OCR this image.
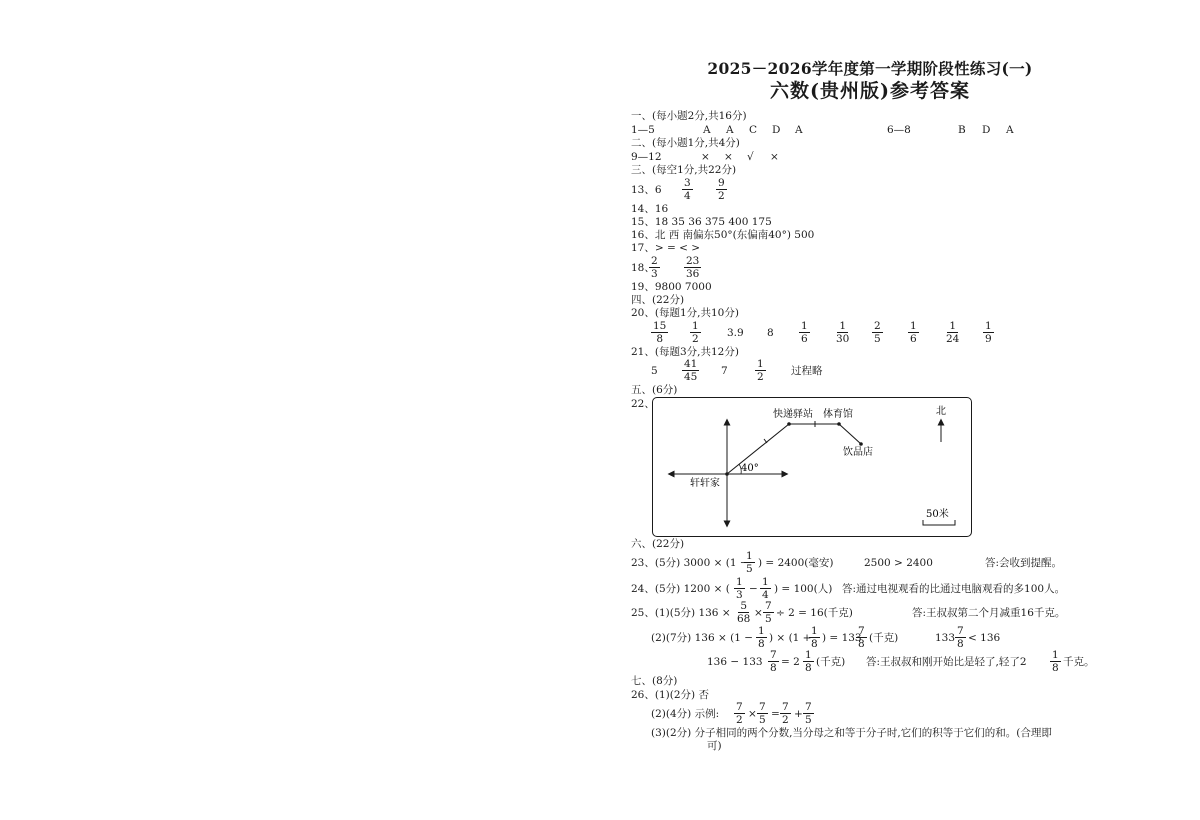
2025－2026学年度第一学期阶段性练习(一)
六数(贵州版)参考答案
一、(每小题2分,共16分)
1—5	A A C D A	6—8	B D A
二、(每小题1分,共4分)
9—12	× × √ ×
三、(每空1分,共22分)
13、$6 \frac{3}{4} \frac{9}{2}$
14、16
15、18 35 36 375 400 175
16、北 西 南偏东50°(东偏南40°) 500
17、> = < >
18、
$\frac{2}{3} \frac{23}{36}$
19、9800 7000
四、(22分)
20、(每题1分,共10分)
$\frac{15}{8} \frac{1}{2}$	3.9 $8 \frac{1}{6} \frac{1}{30} \frac{2}{5} \frac{1}{6} \frac{1}{24} \frac{1}{9}$
21、(每题3分,共12分)
$5 \frac{41}{45} 7$	$\frac{1}{2}$ 过程略
五、(6分)
22、
40°
快递驿站 体育馆
饮品店
轩轩家
北
50米
六、(22分)
23、(5分) 3000 × (1 −
$\frac{1}{5}$ ) = 2400(毫安)	2500 > 2400	答:会收到提醒。
24、(5分) 1200 × ( $\frac{1}{3} - \frac{1}{4}$ ) = 100(人) 答:通过电视观看的比通过电脑观看的多100人。
25、(1)(5分) $136 \times \frac{5}{68} \times \frac{7}{5} \div 2 = 16$(千克)	答:王叔叔第二个月减重16千克。
(2)(7分) $136 \times (1 - \frac{1}{8}$ ) × (1 +
$\frac{1}{8}$ ) = 133
$\frac{7}{8}$ (千克)	$133 \frac{7}{8} < 136$
$136 - 133 \frac{7}{8} = 2 \frac{1}{8}$ (千克) 答:王叔叔和刚开始比是轻了,轻了$2 \frac{1}{8}$ 千克。
七、(8分)
26、(1)(2分) 否
(2)(4分) 示例: $\frac{7}{2} \times \frac{7}{5} = \frac{7}{2} + \frac{7}{5}$
(3)(2分) 分子相同的两个分数,当分母之和等于分子时,它们的积等于它们的和。(合理即
可)
